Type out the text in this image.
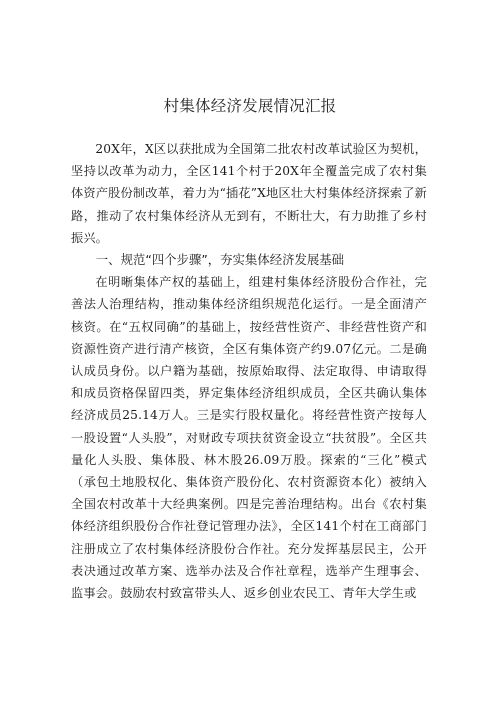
村集体经济发展情况汇报

20X年，X区以获批成为全国第二批农村改革试验区为契机，坚持以改革为动力，全区141个村于20X年全覆盖完成了农村集体资产股份制改革，着力为“插花”X地区壮大村集体经济探索了新路，推动了农村集体经济从无到有，不断壮大，有力助推了乡村振兴。

一、规范“四个步骤”，夯实集体经济发展基础

在明晰集体产权的基础上，组建村集体经济股份合作社，完善法人治理结构，推动集体经济组织规范化运行。一是全面清产核资。在“五权同确”的基础上，按经营性资产、非经营性资产和资源性资产进行清产核资，全区有集体资产约9.07亿元。二是确认成员身份。以户籍为基础，按原始取得、法定取得、申请取得和成员资格保留四类，界定集体经济组织成员，全区共确认集体经济成员25.14万人。三是实行股权量化。将经营性资产按每人一股设置“人头股”，对财政专项扶贫资金设立“扶贫股”。全区共量化人头股、集体股、林木股26.09万股。探索的“三化”模式（承包土地股权化、集体资产股份化、农村资源资本化）被纳入全国农村改革十大经典案例。四是完善治理结构。出台《农村集体经济组织股份合作社登记管理办法》，全区141个村在工商部门注册成立了农村集体经济股份合作社。充分发挥基层民主，公开表决通过改革方案、选举办法及合作社章程，选举产生理事会、监事会。鼓励农村致富带头人、返乡创业农民工、青年大学生或
